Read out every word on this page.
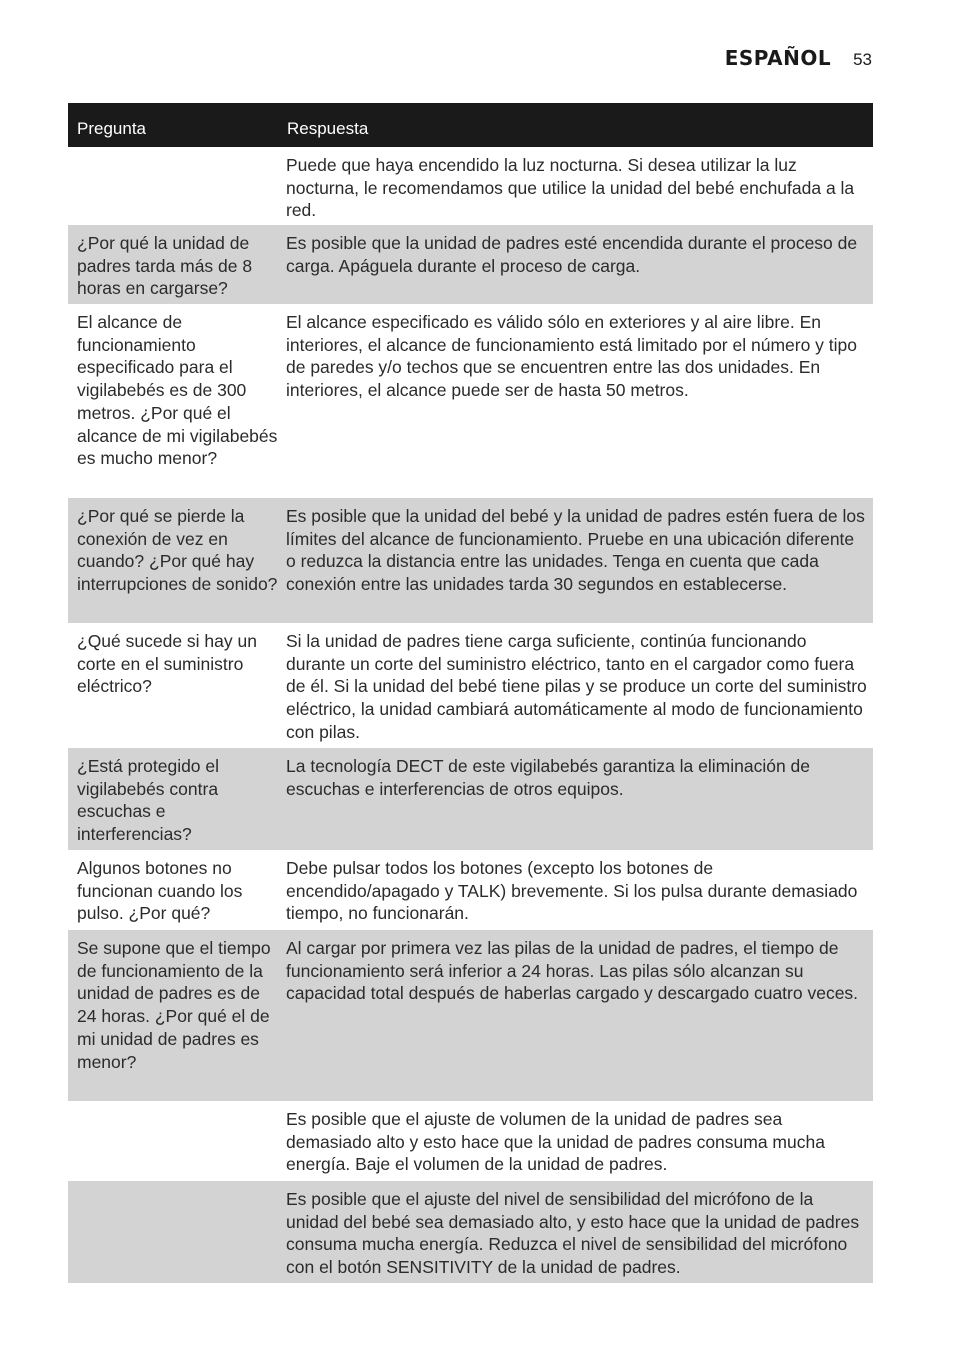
ESPAÑOL 53
Pregunta	Respuesta
Puede que haya encendido la luz nocturna. Si desea utilizar la luz nocturna, le recomendamos que utilice la unidad del bebé enchufada a la red.
¿Por qué la unidad de padres tarda más de 8 horas en cargarse?
Es posible que la unidad de padres esté encendida durante el proceso de carga. Apáguela durante el proceso de carga.
El alcance de funcionamiento especificado para el vigilabebés es de 300 metros. ¿Por qué el alcance de mi vigilabebés es mucho menor?
El alcance especificado es válido sólo en exteriores y al aire libre. En interiores, el alcance de funcionamiento está limitado por el número y tipo de paredes y/o techos que se encuentren entre las dos unidades. En interiores, el alcance puede ser de hasta 50 metros.
¿Por qué se pierde la conexión de vez en cuando? ¿Por qué hay interrupciones de sonido?
Es posible que la unidad del bebé y la unidad de padres estén fuera de los límites del alcance de funcionamiento. Pruebe en una ubicación diferente o reduzca la distancia entre las unidades. Tenga en cuenta que cada conexión entre las unidades tarda 30 segundos en establecerse.
¿Qué sucede si hay un corte en el suministro eléctrico?
Si la unidad de padres tiene carga suficiente, continúa funcionando durante un corte del suministro eléctrico, tanto en el cargador como fuera de él. Si la unidad del bebé tiene pilas y se produce un corte del suministro eléctrico, la unidad cambiará automáticamente al modo de funcionamiento con pilas.
¿Está protegido el vigilabebés contra escuchas e interferencias?
La tecnología DECT de este vigilabebés garantiza la eliminación de escuchas e interferencias de otros equipos.
Algunos botones no funcionan cuando los pulso. ¿Por qué?
Debe pulsar todos los botones (excepto los botones de encendido/apagado y TALK) brevemente. Si los pulsa durante demasiado tiempo, no funcionarán.
Se supone que el tiempo de funcionamiento de la unidad de padres es de 24 horas. ¿Por qué el de mi unidad de padres es menor?
Al cargar por primera vez las pilas de la unidad de padres, el tiempo de funcionamiento será inferior a 24 horas. Las pilas sólo alcanzan su capacidad total después de haberlas cargado y descargado cuatro veces.
Es posible que el ajuste de volumen de la unidad de padres sea demasiado alto y esto hace que la unidad de padres consuma mucha energía. Baje el volumen de la unidad de padres.
Es posible que el ajuste del nivel de sensibilidad del micrófono de la unidad del bebé sea demasiado alto, y esto hace que la unidad de padres consuma mucha energía. Reduzca el nivel de sensibilidad del micrófono con el botón SENSITIVITY de la unidad de padres.
